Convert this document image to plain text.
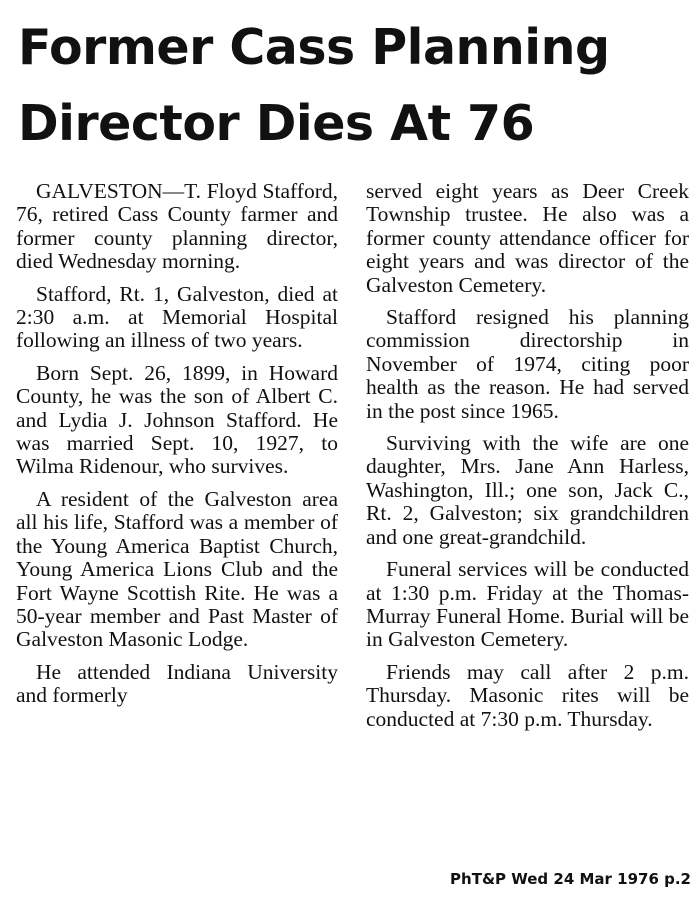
Former Cass Planning
Director Dies At 76

GALVESTON—T. Floyd Stafford, 76, retired Cass County farmer and former county planning director, died Wednesday morning.

Stafford, Rt. 1, Galveston, died at 2:30 a.m. at Memorial Hospital following an illness of two years.

Born Sept. 26, 1899, in Howard County, he was the son of Albert C. and Lydia J. Johnson Stafford. He was married Sept. 10, 1927, to Wilma Ridenour, who survives.

A resident of the Galveston area all his life, Stafford was a member of the Young America Baptist Church, Young America Lions Club and the Fort Wayne Scottish Rite. He was a 50-year member and Past Master of Galveston Masonic Lodge.

He attended Indiana University and formerly

served eight years as Deer Creek Township trustee. He also was a former county attendance officer for eight years and was director of the Galveston Cemetery.

Stafford resigned his planning commission directorship in November of 1974, citing poor health as the reason. He had served in the post since 1965.

Surviving with the wife are one daughter, Mrs. Jane Ann Harless, Washington, Ill.; one son, Jack C., Rt. 2, Galveston; six grandchildren and one great-grandchild.

Funeral services will be conducted at 1:30 p.m. Friday at the Thomas-Murray Funeral Home. Burial will be in Galveston Cemetery.

Friends may call after 2 p.m. Thursday. Masonic rites will be conducted at 7:30 p.m. Thursday.

PhT&P Wed 24 Mar 1976 p.2
